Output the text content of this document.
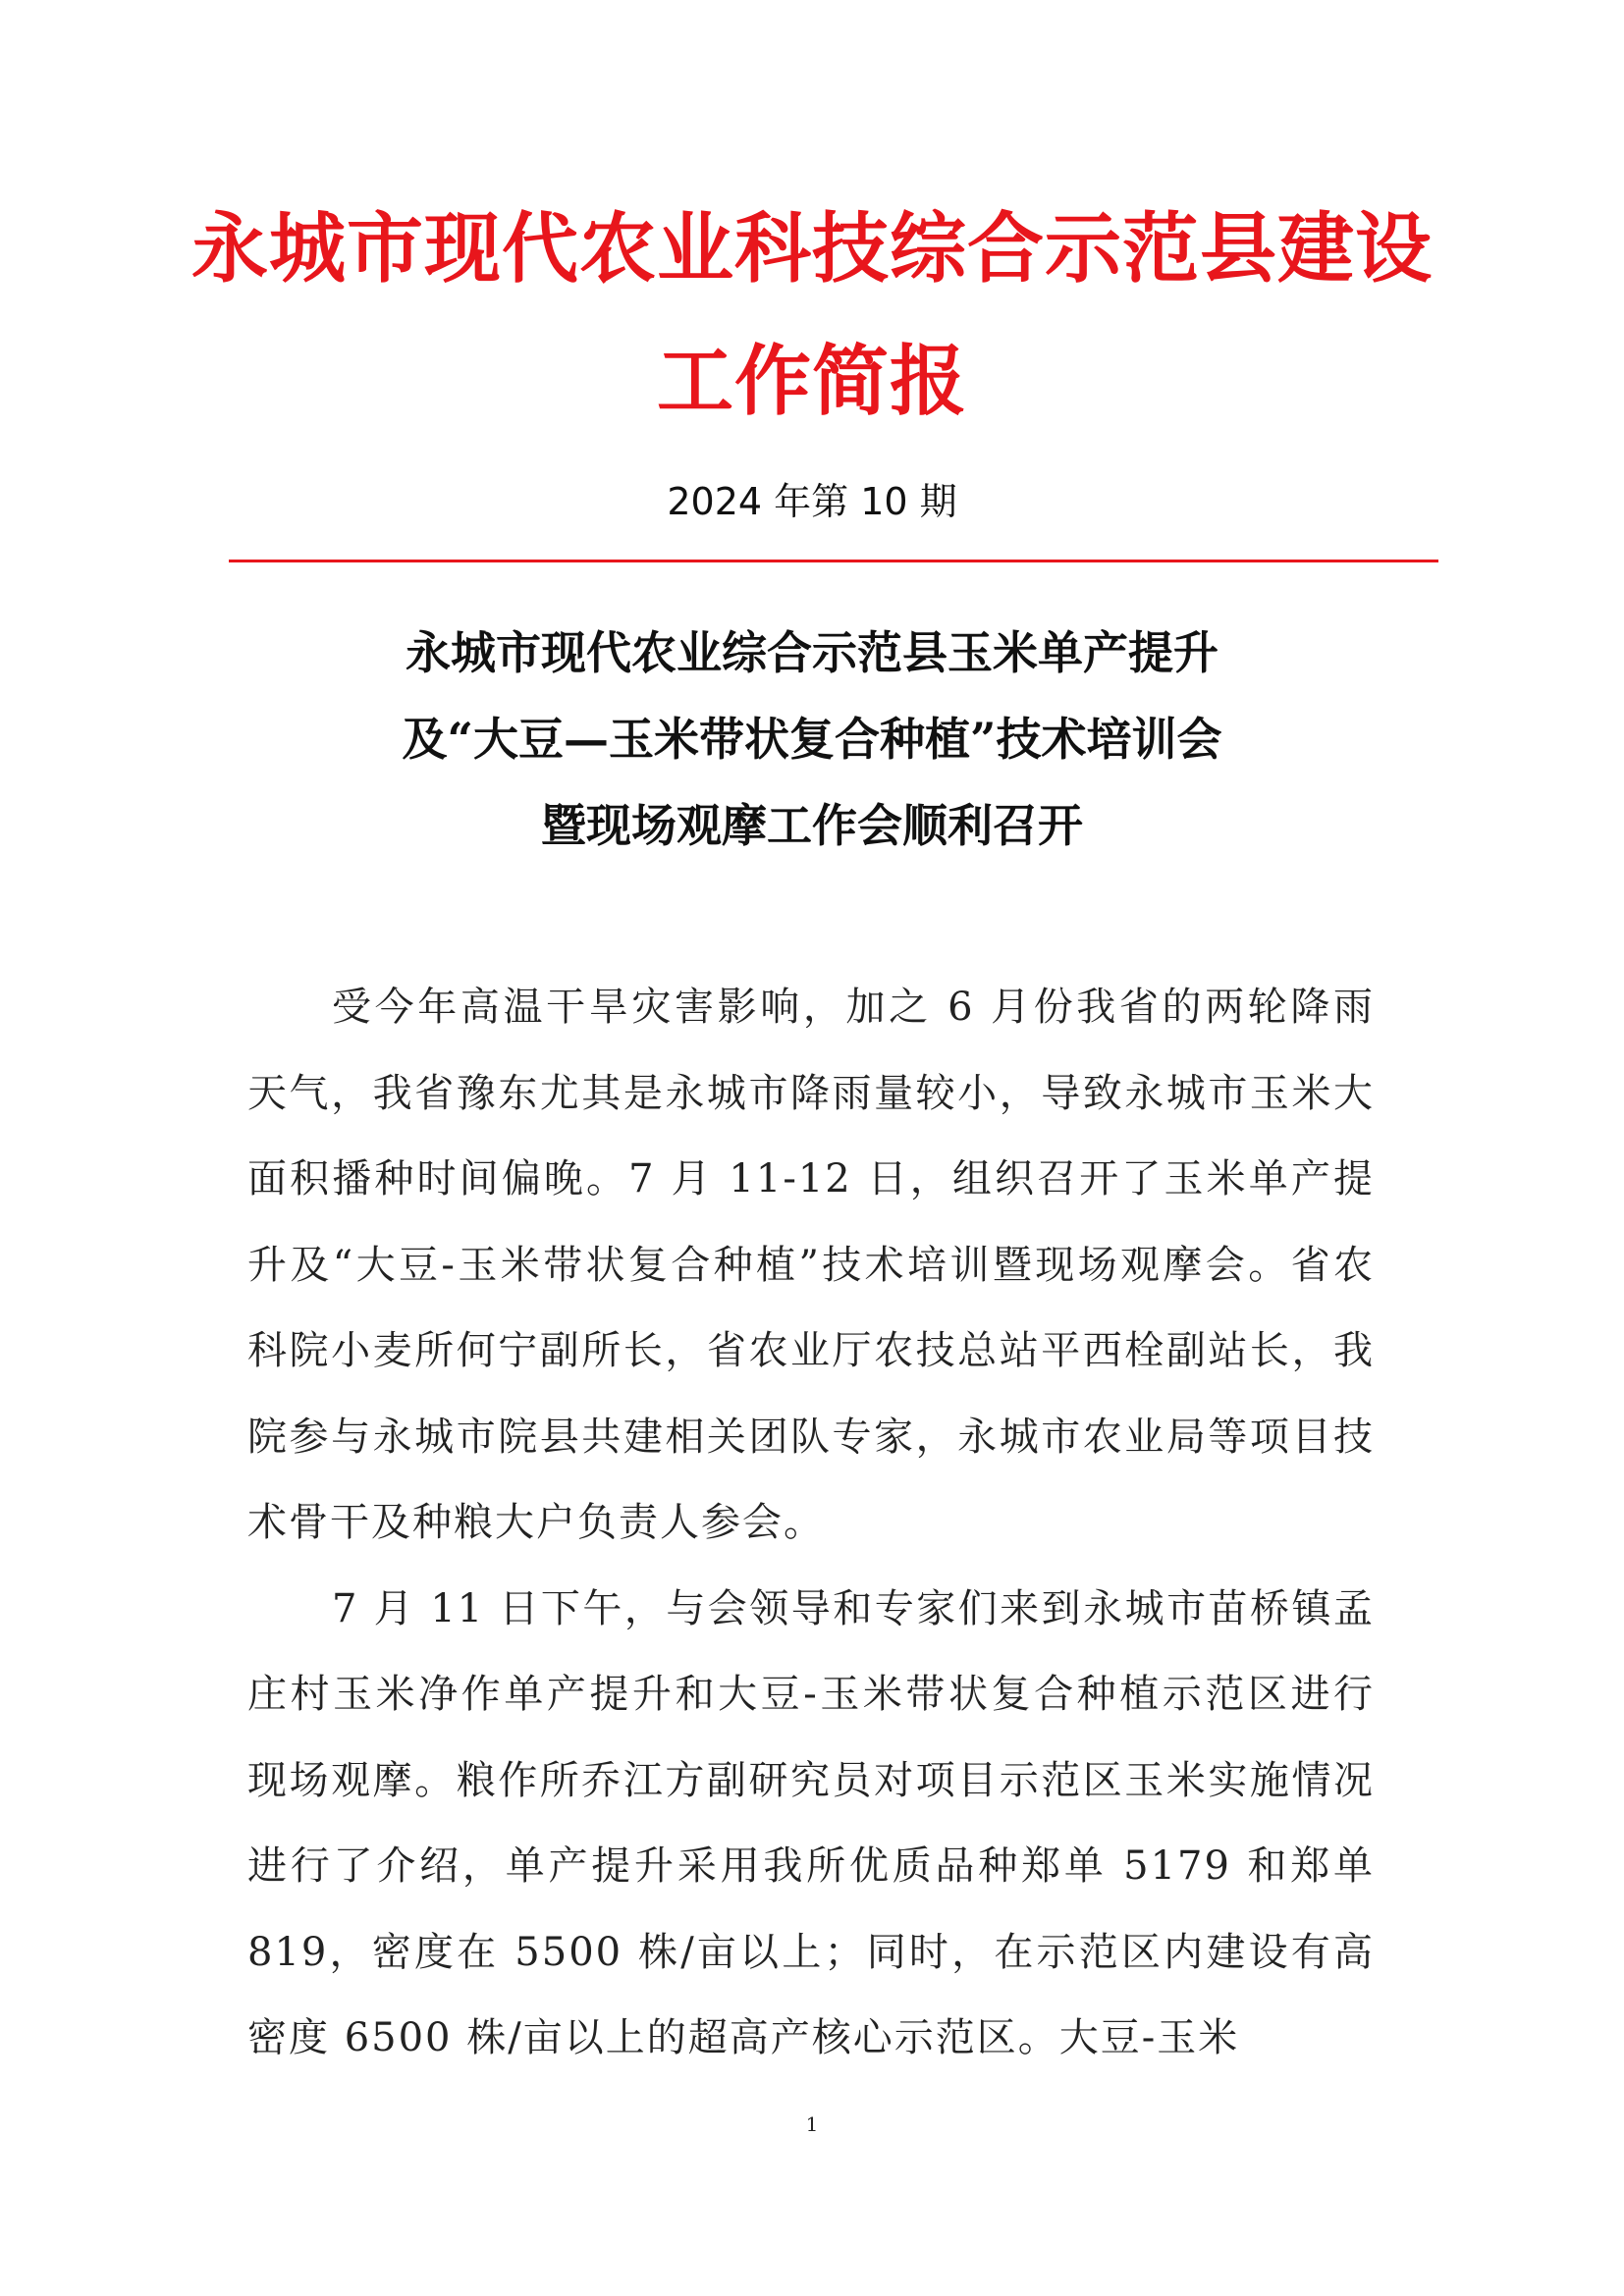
永城市现代农业科技综合示范县建设
工作简报
2024 年第 10 期
永城市现代农业综合示范县玉米单产提升
及“大豆—玉米带状复合种植”技术培训会
暨现场观摩工作会顺利召开

受今年高温干旱灾害影响，加之 6 月份我省的两轮降雨天气，我省豫东尤其是永城市降雨量较小，导致永城市玉米大面积播种时间偏晚。7 月 11-12 日，组织召开了玉米单产提升及“大豆-玉米带状复合种植”技术培训暨现场观摩会。省农科院小麦所何宁副所长，省农业厅农技总站平西栓副站长，我院参与永城市院县共建相关团队专家，永城市农业局等项目技术骨干及种粮大户负责人参会。

7 月 11 日下午，与会领导和专家们来到永城市苗桥镇孟庄村玉米净作单产提升和大豆-玉米带状复合种植示范区进行现场观摩。粮作所乔江方副研究员对项目示范区玉米实施情况进行了介绍，单产提升采用我所优质品种郑单 5179 和郑单 819，密度在 5500 株/亩以上；同时，在示范区内建设有高密度 6500 株/亩以上的超高产核心示范区。大豆-玉米

1
